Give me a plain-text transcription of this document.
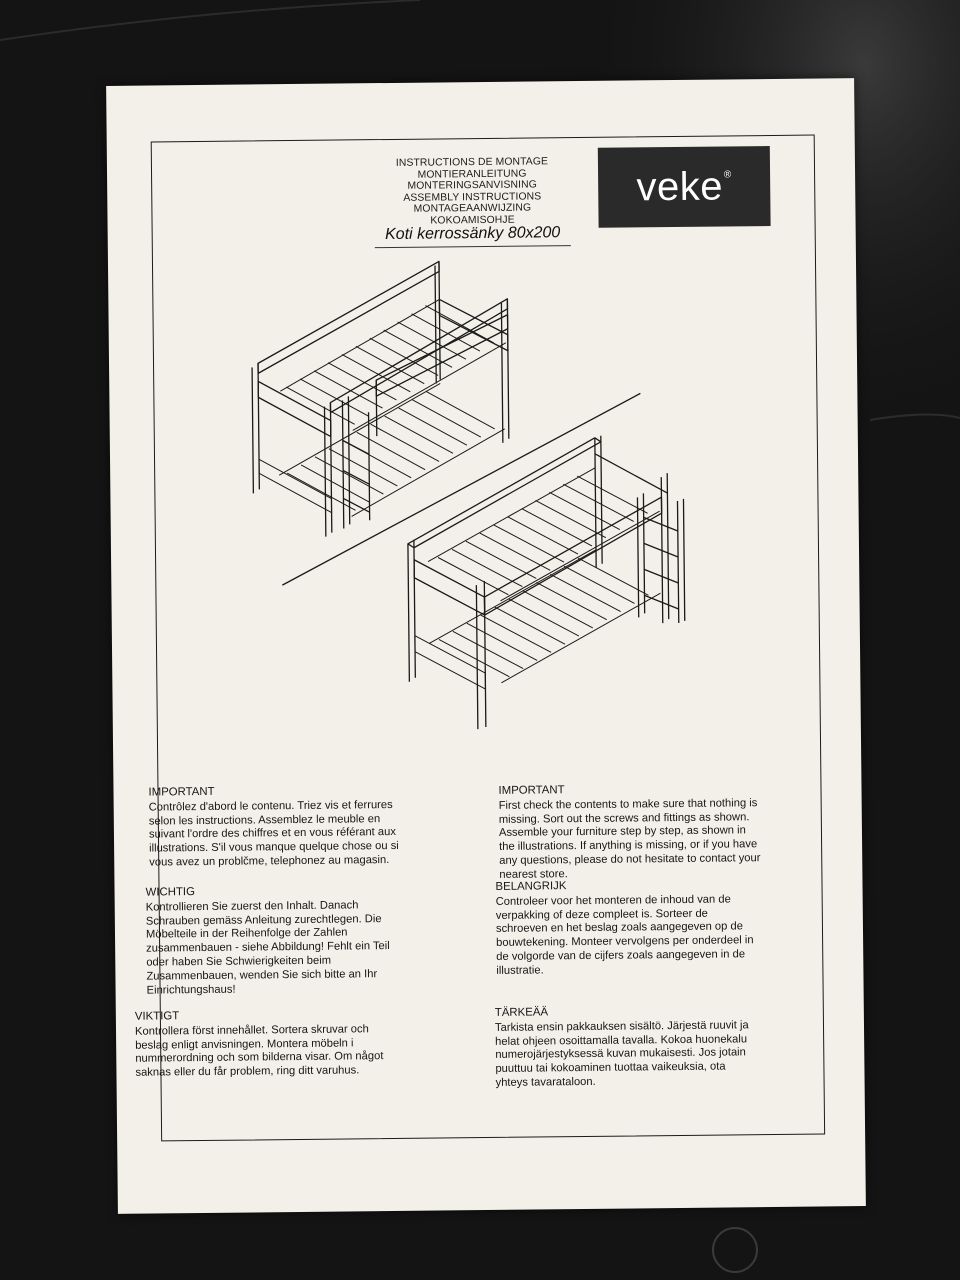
INSTRUCTIONS DE MONTAGE
MONTIERANLEITUNG
MONTERINGSANVISNING
ASSEMBLY INSTRUCTIONS
MONTAGEAANWIJZING
KOKOAMISOHJE
Koti kerrossänky 80x200
veke®
IMPORTANT
Contrôlez d'abord le contenu. Triez vis et ferrures
selon les instructions. Assemblez le meuble en
suivant l'ordre des chiffres et en vous référant aux
illustrations. S'il vous manque quelque chose ou si
vous avez un problčme, telephonez au magasin.
WICHTIG
Kontrollieren Sie zuerst den Inhalt. Danach
Schrauben gemäss Anleitung zurechtlegen. Die
Möbelteile in der Reihenfolge der Zahlen
zusammenbauen - siehe Abbildung! Fehlt ein Teil
oder haben Sie Schwierigkeiten beim
Zusammenbauen, wenden Sie sich bitte an Ihr
Einrichtungshaus!
VIKTIGT
Kontrollera först innehållet. Sortera skruvar och
beslag enligt anvisningen. Montera möbeln i
nummerordning och som bilderna visar. Om något
saknas eller du får problem, ring ditt varuhus.
IMPORTANT
First check the contents to make sure that nothing is
missing. Sort out the screws and fittings as shown.
Assemble your furniture step by step, as shown in
the illustrations. If anything is missing, or if you have
any questions, please do not hesitate to contact your
nearest store.
BELANGRIJK
Controleer voor het monteren de inhoud van de
verpakking of deze compleet is. Sorteer de
schroeven en het beslag zoals aangegeven op de
bouwtekening. Monteer vervolgens per onderdeel in
de volgorde van de cijfers zoals aangegeven in de
illustratie.
TÄRKEÄÄ
Tarkista ensin pakkauksen sisältö. Järjestä ruuvit ja
helat ohjeen osoittamalla tavalla. Kokoa huonekalu
numerojärjestyksessä kuvan mukaisesti. Jos jotain
puuttuu tai kokoaminen tuottaa vaikeuksia, ota
yhteys tavarataloon.
